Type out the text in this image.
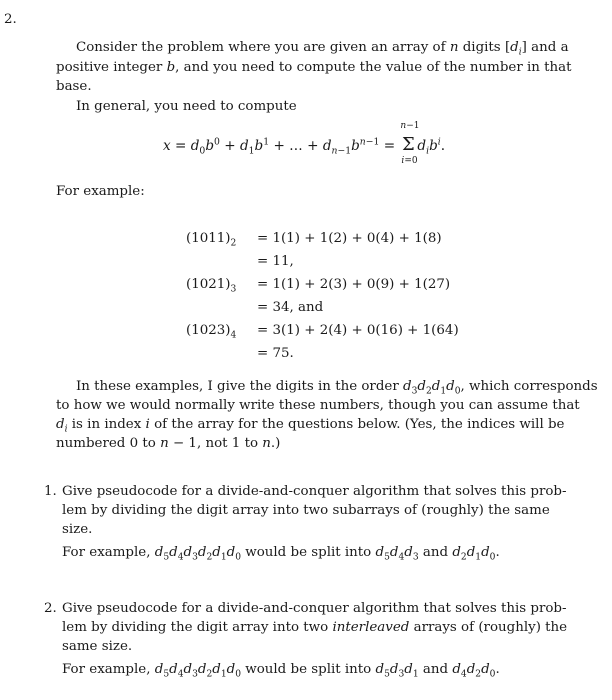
2.
Consider the problem where you are given an array of n digits $[d_i]$ and a
positive integer b, and you need to compute the value of the number in that
base.
In general, you need to compute
$x = d_0b^0 + d_1b^1$ + … + $d_{n-1}b^{n-1}$ =
n−1
Σ
i=0
$d_ib^i$.
For example:
$(1011)_2 = 1(1) + 1(2) + 0(4) + 1(8)$
= 11,
$(1021)_3 = 1(1) + 2(3) + 0(9) + 1(27)$
= 34, and
$(1023)_4 = 3(1) + 2(4) + 0(16) + 1(64)$
= 75.
In these examples, I give the digits in the order $d_3d_2d_1d_0$, which corresponds
to how we would normally write these numbers, though you can assume that
$d_i$ is in index i of the array for the questions below. (Yes, the indices will be
numbered 0 to n − 1, not 1 to n.)
1. Give pseudocode for a divide-and-conquer algorithm that solves this prob-
lem by dividing the digit array into two subarrays of (roughly) the same
size.
For example, $d_5d_4d_3d_2d_1d_0$ would be split into $d_5d_4d_3$ and $d_2d_1d_0$.
2. Give pseudocode for a divide-and-conquer algorithm that solves this prob-
lem by dividing the digit array into two interleaved arrays of (roughly) the
same size.
For example, $d_5d_4d_3d_2d_1d_0$ would be split into $d_5d_3d_1$ and $d_4d_2d_0$.
